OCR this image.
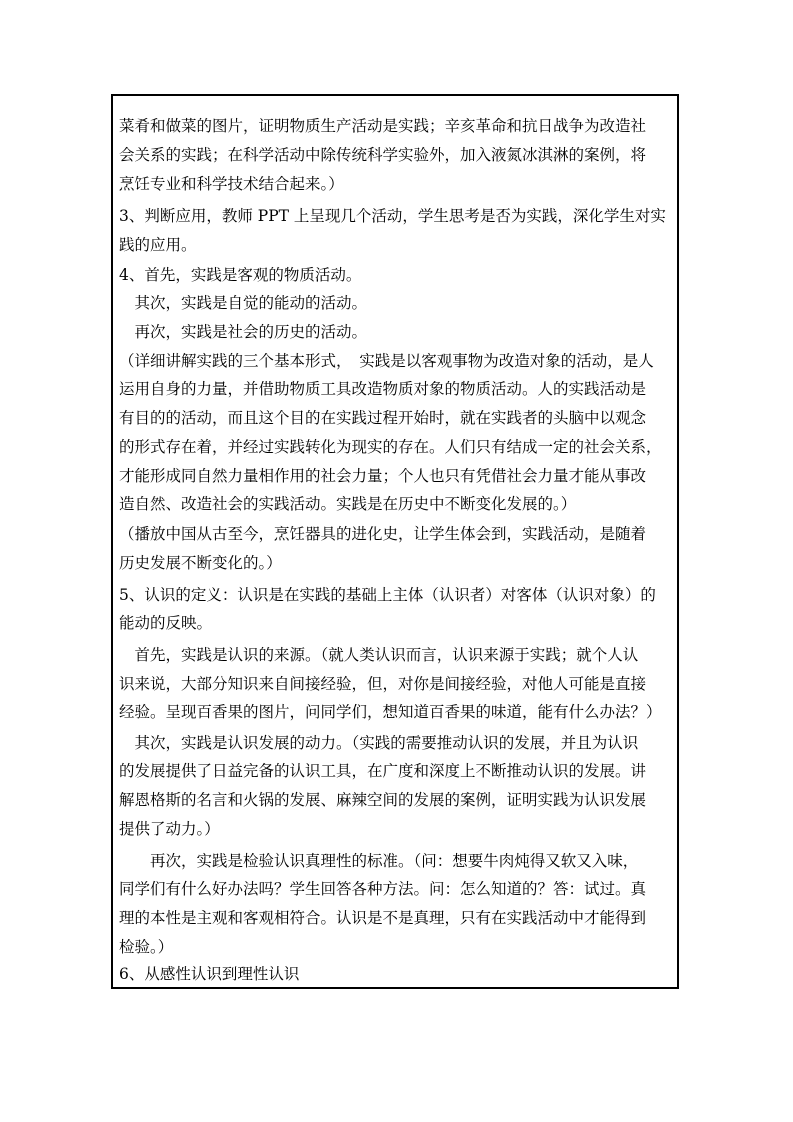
菜肴和做菜的图片，证明物质生产活动是实践；辛亥革命和抗日战争为改造社
会关系的实践；在科学活动中除传统科学实验外，加入液氮冰淇淋的案例，将
烹饪专业和科学技术结合起来。）
3、判断应用，教师 PPT 上呈现几个活动，学生思考是否为实践，深化学生对实
践的应用。
4、首先，实践是客观的物质活动。
　其次，实践是自觉的能动的活动。
　再次，实践是社会的历史的活动。
（详细讲解实践的三个基本形式，　实践是以客观事物为改造对象的活动，是人
运用自身的力量，并借助物质工具改造物质对象的物质活动。人的实践活动是
有目的的活动，而且这个目的在实践过程开始时，就在实践者的头脑中以观念
的形式存在着，并经过实践转化为现实的存在。人们只有结成一定的社会关系，
才能形成同自然力量相作用的社会力量；个人也只有凭借社会力量才能从事改
造自然、改造社会的实践活动。实践是在历史中不断变化发展的。）
（播放中国从古至今，烹饪器具的进化史，让学生体会到，实践活动，是随着
历史发展不断变化的。）
5、认识的定义：认识是在实践的基础上主体（认识者）对客体（认识对象）的
能动的反映。
　首先，实践是认识的来源。（就人类认识而言，认识来源于实践；就个人认
识来说，大部分知识来自间接经验，但，对你是间接经验，对他人可能是直接
经验。呈现百香果的图片，问同学们，想知道百香果的味道，能有什么办法？）
　其次，实践是认识发展的动力。（实践的需要推动认识的发展，并且为认识
的发展提供了日益完备的认识工具，在广度和深度上不断推动认识的发展。讲
解恩格斯的名言和火锅的发展、麻辣空间的发展的案例，证明实践为认识发展
提供了动力。）
　　再次，实践是检验认识真理性的标准。（问：想要牛肉炖得又软又入味，
同学们有什么好办法吗？学生回答各种方法。问：怎么知道的？答：试过。真
理的本性是主观和客观相符合。认识是不是真理，只有在实践活动中才能得到
检验。）
6、从感性认识到理性认识
